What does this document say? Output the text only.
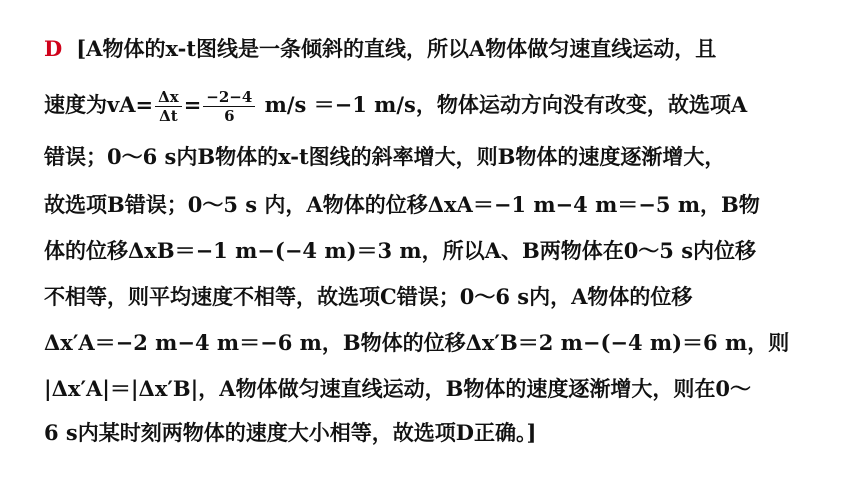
D [A物体的x-t图线是一条倾斜的直线，所以A物体做匀速直线运动，且
速度为$vA= \frac{\Delta x}{\Delta t} = \frac{-2-4}{6} m/s =-1$ m/s，物体运动方向没有改变，故选项A
错误；0～6 s内B物体的x-t图线的斜率增大，则B物体的速度逐渐增大，
故选项B错误；0～5 s 内，A物体的位移ΔxA＝−1 m−4 m＝−5 m，B物
体的位移ΔxB＝−1 m−(−4 m)＝3 m，所以A、B两物体在0～5 s内位移
不相等，则平均速度不相等，故选项C错误；0～6 s内，A物体的位移
Δx′A＝−2 m−4 m＝−6 m，B物体的位移Δx′B＝2 m−(−4 m)＝6 m，则
|Δx′A|＝|Δx′B|，A物体做匀速直线运动，B物体的速度逐渐增大，则在0～
6 s内某时刻两物体的速度大小相等，故选项D正确。]
